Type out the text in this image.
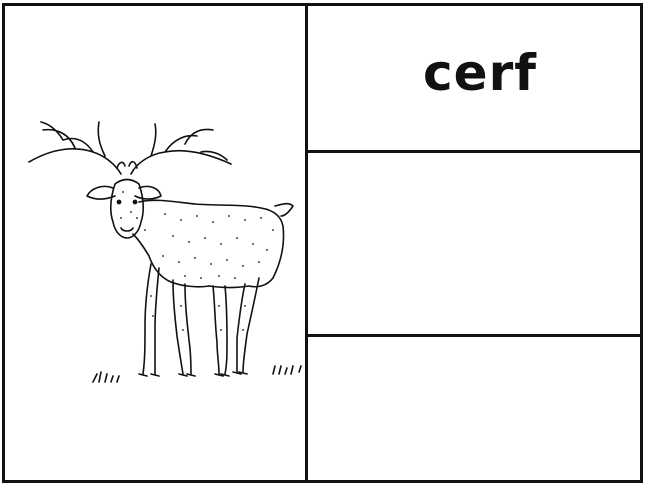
cerf
